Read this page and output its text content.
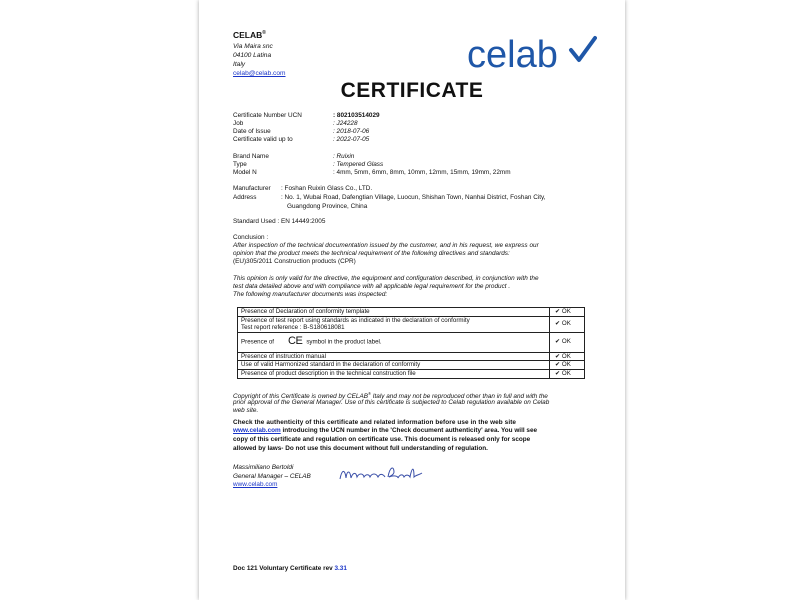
CELAB®
Via Maira snc
04100 Latina
Italy
celab@celab.com	celab
CERTIFICATE
Certificate Number UCN	: 802103514029
Job	: J24228
Date of Issue	: 2018-07-06
Certificate valid up to	: 2022-07-05
Brand Name	: Ruixin
Type	: Tempered Glass
Model N	: 4mm, 5mm, 6mm, 8mm, 10mm, 12mm, 15mm, 19mm, 22mm
Manufacturer : Foshan Ruixin Glass Co., LTD.
Address	: No. 1, Wubai Road, Dafengtian Village, Luocun, Shishan Town, Nanhai District, Foshan City,
Guangdong Province, China
Standard Used : EN 14449:2005
Conclusion :
After inspection of the technical documentation issued by the customer, and in his request, we express our
opinion that the product meets the technical requirement of the following directives and standards:
(EU)305/2011 Construction products (CPR)
This opinion is only valid for the directive, the equipment and configuration described, in conjunction with the
test data detailed above and with compliance with all applicable legal requirement for the product .
The following manufacturer documents was inspected:
Presence of Declaration of conformity template	✔ OK

Presence of test report using standards as indicated in the declaration of conformity
Test report reference : B-S180618081	✔ OK
Presence of CE symbol in the product label.	✔ OK
Presence of instruction manual	✔ OK
Use of valid Harmonized standard in the declaration of conformity	✔ OK
Presence of product description in the technical construction file	✔ OK
Copyright of this Certificate is owned by CELAB® Italy and may not be reproduced other than in full and with the
prior approval of the General Manager. Use of this certificate is subjected to Celab regulation available on Celab
web site.
Check the authenticity of this certificate and related information before use in the web site
www.celab.com introducing the UCN number in the 'Check document authenticity' area. You will see
copy of this certificate and regulation on certificate use. This document is released only for scope
allowed by laws- Do not use this document without full understanding of regulation.
Massimiliano Bertoldi
General Manager – CELAB
www.celab.com
Doc 121 Voluntary Certificate rev 3.31
